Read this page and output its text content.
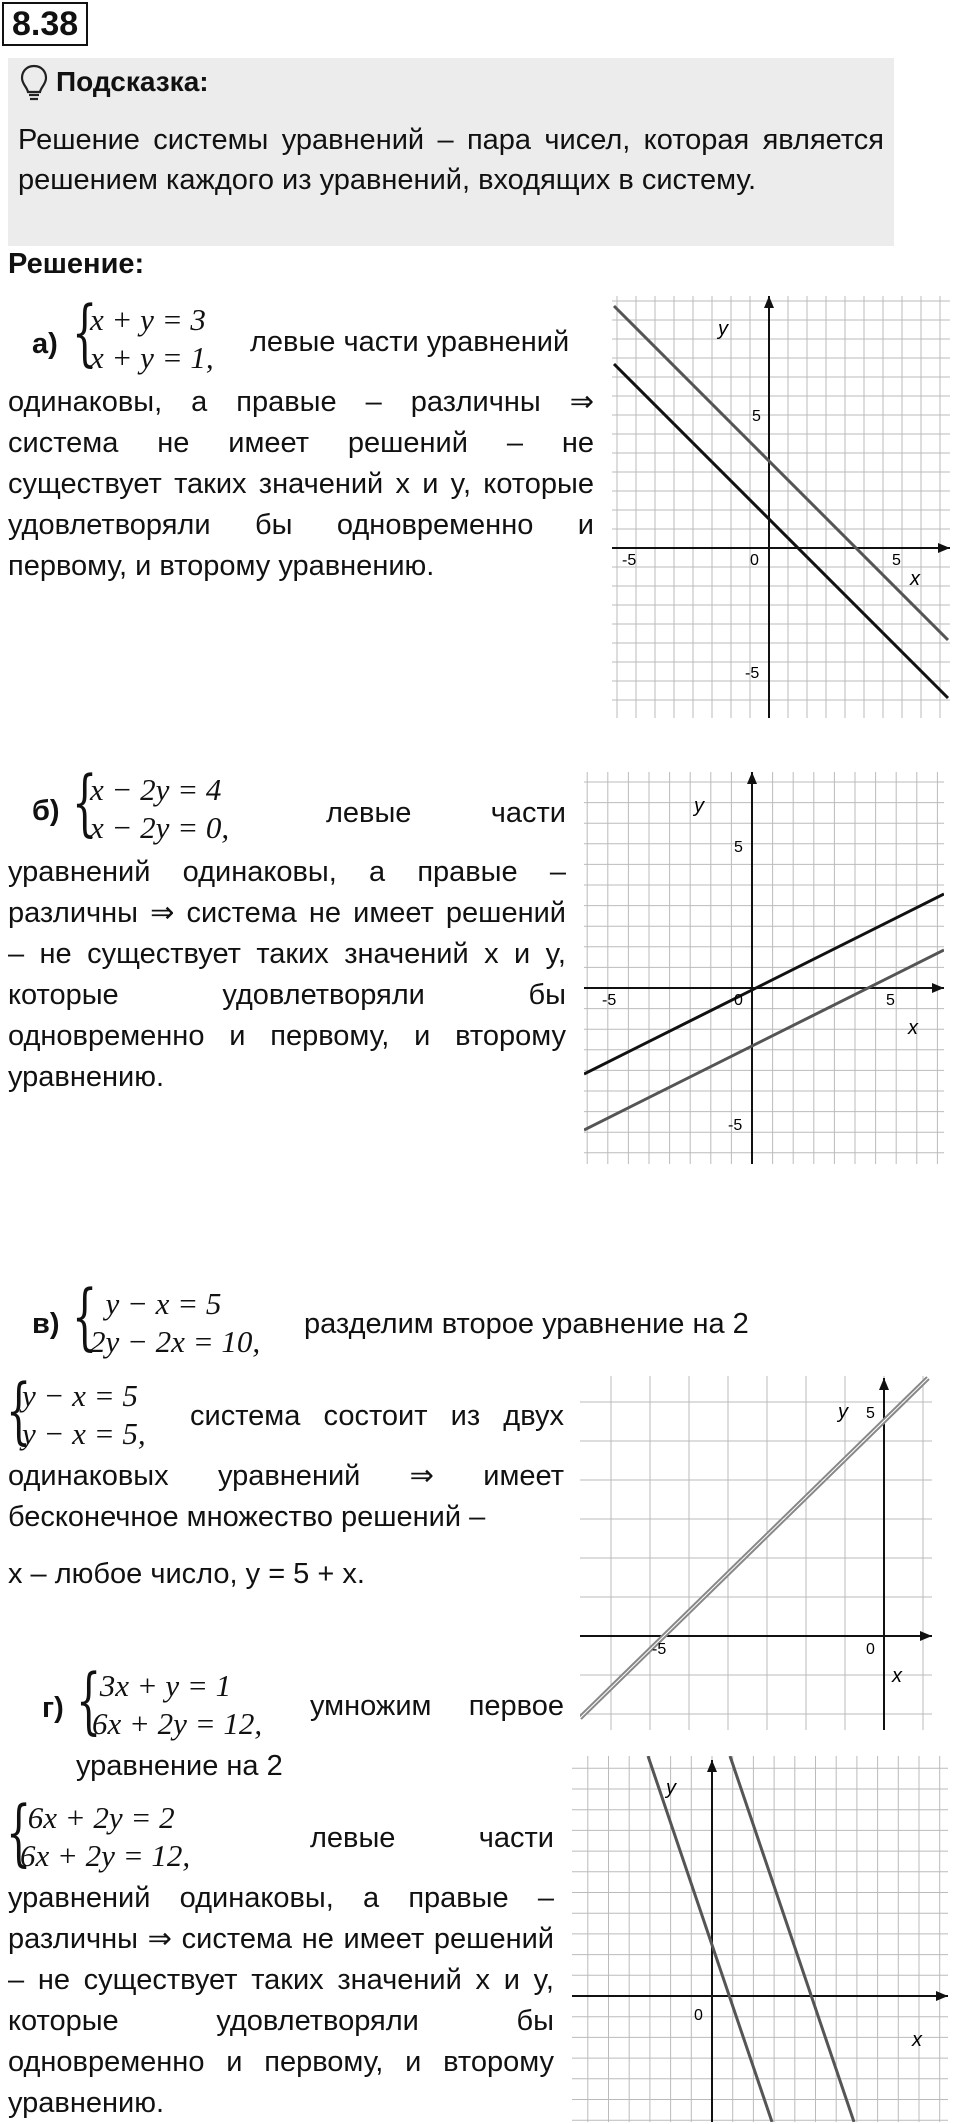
8.38
Подсказка:
Решение системы уравнений – пара чисел, которая является решением каждого из уравнений, входящих в систему.
Решение:
а) {
x + y = 3
x + y = 1, левые части уравнений
одинаковы, а правые – различны ⇒ система не имеет решений – не существует таких значений x и y, которые удовлетворяли бы одновременно и первому, и второму уравнению.
y
x
-5	0	5
5
-5
б) {
x − 2y = 4
x − 2y = 0,	левые части
уравнений одинаковы, а правые – различны ⇒ система не имеет решений – не существует таких значений x и y, которые удовлетворяли бы одновременно и первому, и второму уравнению.
y
x
-5	0	5
5
-5
в) {
y − x = 5
2y − 2x = 10, разделим второе уравнение на 2
{
y − x = 5
y − x = 5, система состоит из двух
одинаковых уравнений ⇒ имеет бесконечное множество решений –
x – любое число, y = 5 + x.
y
x
-5	0
5
г) {
3x + y = 1
6x + 2y = 12, умножим первое
уравнение на 2
{
6x + 2y = 2
6x + 2y = 12,	левые части
уравнений одинаковы, а правые – различны ⇒ система не имеет решений – не существует таких значений x и y, которые удовлетворяли бы одновременно и первому, и второму уравнению.
y
x
0
